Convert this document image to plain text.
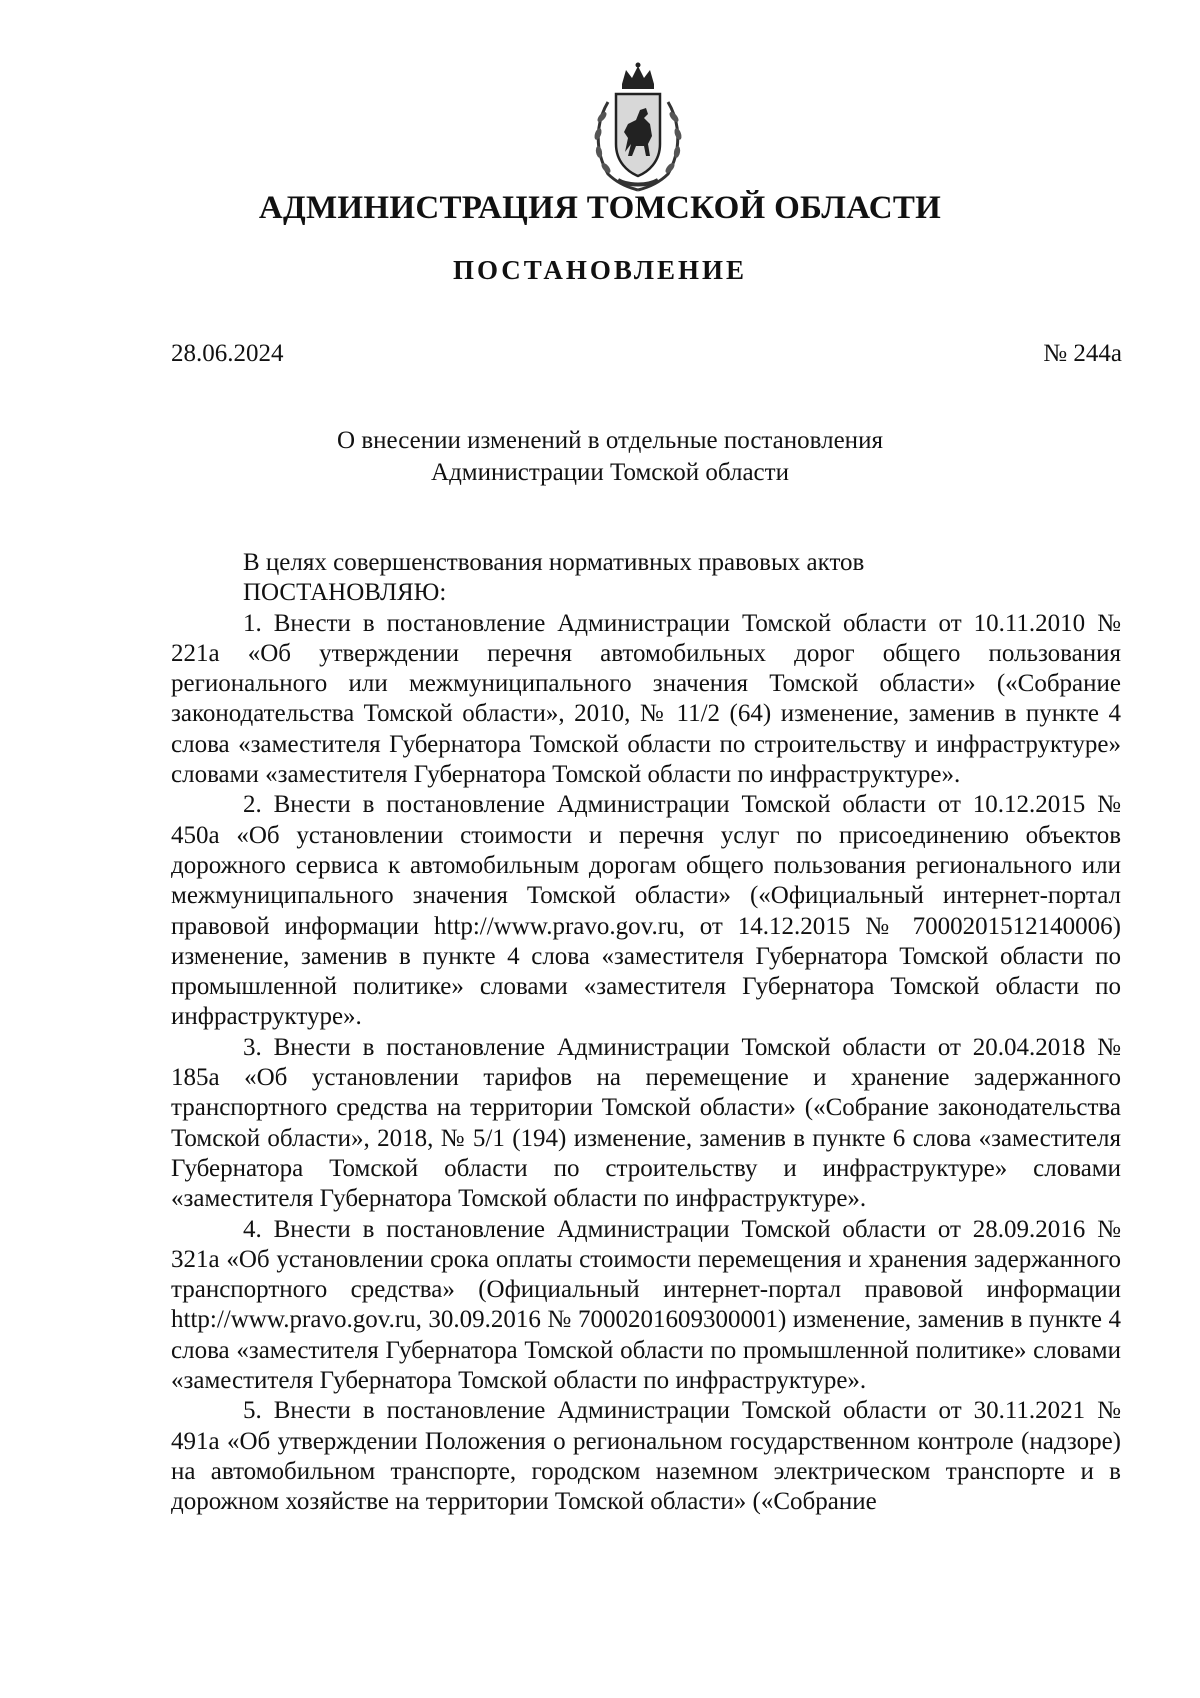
АДМИНИСТРАЦИЯ ТОМСКОЙ ОБЛАСТИ
ПОСТАНОВЛЕНИЕ
28.06.2024	№ 244а
О внесении изменений в отдельные постановления
Администрации Томской области

В целях совершенствования нормативных правовых актов

ПОСТАНОВЛЯЮ:

1. Внести в постановление Администрации Томской области от 10.11.2010 № 221а «Об утверждении перечня автомобильных дорог общего пользования регионального или межмуниципального значения Томской области» («Собрание законодательства Томской области», 2010, № 11/2 (64) изменение, заменив в пункте 4 слова «заместителя Губернатора Томской области по строительству и инфраструктуре» словами «заместителя Губернатора Томской области по инфраструктуре».

2. Внести в постановление Администрации Томской области от 10.12.2015 № 450а «Об установлении стоимости и перечня услуг по присоединению объектов дорожного сервиса к автомобильным дорогам общего пользования регионального или межмуниципального значения Томской области» («Официальный интернет-портал правовой информации http://www.pravo.gov.ru, от 14.12.2015 № 7000201512140006) изменение, заменив в пункте 4 слова «заместителя Губернатора Томской области по промышленной политике» словами «заместителя Губернатора Томской области по инфраструктуре».

3. Внести в постановление Администрации Томской области от 20.04.2018 № 185а «Об установлении тарифов на перемещение и хранение задержанного транспортного средства на территории Томской области» («Собрание законодательства Томской области», 2018, № 5/1 (194) изменение, заменив в пункте 6 слова «заместителя Губернатора Томской области по строительству и инфраструктуре» словами «заместителя Губернатора Томской области по инфраструктуре».

4. Внести в постановление Администрации Томской области от 28.09.2016 № 321а «Об установлении срока оплаты стоимости перемещения и хранения задержанного транспортного средства» (Официальный интернет-портал правовой информации http://www.pravo.gov.ru, 30.09.2016 № 7000201609300001) изменение, заменив в пункте 4 слова «заместителя Губернатора Томской области по промышленной политике» словами «заместителя Губернатора Томской области по инфраструктуре».

5. Внести в постановление Администрации Томской области от 30.11.2021 № 491а «Об утверждении Положения о региональном государственном контроле (надзоре) на автомобильном транспорте, городском наземном электрическом транспорте и в дорожном хозяйстве на территории Томской области» («Собрание
